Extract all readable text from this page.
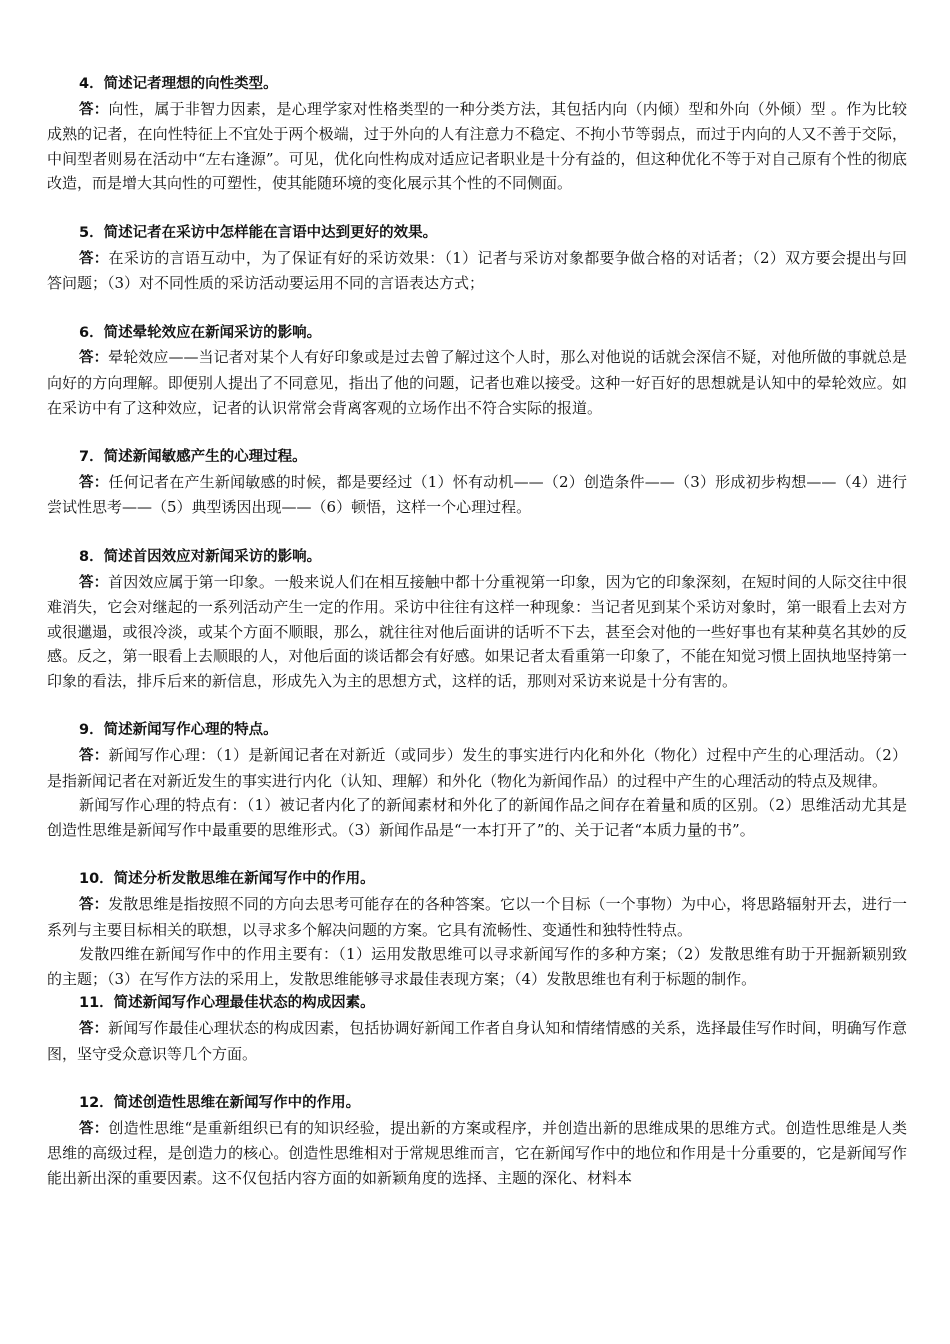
4．简述记者理想的向性类型。

答：向性，属于非智力因素，是心理学家对性格类型的一种分类方法，其包括内向（内倾）型和外向（外倾）型 。作为比较成熟的记者，在向性特征上不宜处于两个极端，过于外向的人有注意力不稳定、不拘小节等弱点，而过于内向的人又不善于交际，中间型者则易在活动中“左右逢源”。可见，优化向性构成对适应记者职业是十分有益的，但这种优化不等于对自己原有个性的彻底改造，而是增大其向性的可塑性，使其能随环境的变化展示其个性的不同侧面。

5．简述记者在采访中怎样能在言语中达到更好的效果。

答：在采访的言语互动中，为了保证有好的采访效果：（1）记者与采访对象都要争做合格的对话者；（2）双方要会提出与回答问题；（3）对不同性质的采访活动要运用不同的言语表达方式；

6．简述晕轮效应在新闻采访的影响。

答：晕轮效应——当记者对某个人有好印象或是过去曾了解过这个人时，那么对他说的话就会深信不疑，对他所做的事就总是向好的方向理解。即便别人提出了不同意见，指出了他的问题，记者也难以接受。这种一好百好的思想就是认知中的晕轮效应。如在采访中有了这种效应，记者的认识常常会背离客观的立场作出不符合实际的报道。

7．简述新闻敏感产生的心理过程。

答：任何记者在产生新闻敏感的时候，都是要经过（1）怀有动机——（2）创造条件——（3）形成初步构想——（4）进行尝试性思考——（5）典型诱因出现——（6）顿悟，这样一个心理过程。

8．简述首因效应对新闻采访的影响。

答：首因效应属于第一印象。一般来说人们在相互接触中都十分重视第一印象，因为它的印象深刻，在短时间的人际交往中很难消失，它会对继起的一系列活动产生一定的作用。采访中往往有这样一种现象：当记者见到某个采访对象时，第一眼看上去对方或很邋遢，或很冷淡，或某个方面不顺眼，那么，就往往对他后面讲的话听不下去，甚至会对他的一些好事也有某种莫名其妙的反感。反之，第一眼看上去顺眼的人，对他后面的谈话都会有好感。如果记者太看重第一印象了，不能在知觉习惯上固执地坚持第一印象的看法，排斥后来的新信息，形成先入为主的思想方式，这样的话，那则对采访来说是十分有害的。

9．简述新闻写作心理的特点。

答：新闻写作心理：（1）是新闻记者在对新近（或同步）发生的事实进行内化和外化（物化）过程中产生的心理活动。（2）是指新闻记者在对新近发生的事实进行内化（认知、理解）和外化（物化为新闻作品）的过程中产生的心理活动的特点及规律。

新闻写作心理的特点有：（1）被记者内化了的新闻素材和外化了的新闻作品之间存在着量和质的区别。（2）思维活动尤其是创造性思维是新闻写作中最重要的思维形式。（3）新闻作品是“一本打开了”的、关于记者“本质力量的书”。

10．简述分析发散思维在新闻写作中的作用。

答：发散思维是指按照不同的方向去思考可能存在的各种答案。它以一个目标（一个事物）为中心，将思路辐射开去，进行一系列与主要目标相关的联想，以寻求多个解决问题的方案。它具有流畅性、变通性和独特性特点。

发散四维在新闻写作中的作用主要有：（1）运用发散思维可以寻求新闻写作的多种方案；（2）发散思维有助于开掘新颖别致的主题；（3）在写作方法的采用上，发散思维能够寻求最佳表现方案；（4）发散思维也有利于标题的制作。

11．简述新闻写作心理最佳状态的构成因素。

答：新闻写作最佳心理状态的构成因素，包括协调好新闻工作者自身认知和情绪情感的关系，选择最佳写作时间，明确写作意图，坚守受众意识等几个方面。

12．简述创造性思维在新闻写作中的作用。

答：创造性思维“是重新组织已有的知识经验，提出新的方案或程序，并创造出新的思维成果的思维方式。创造性思维是人类思维的高级过程，是创造力的核心。创造性思维相对于常规思维而言，它在新闻写作中的地位和作用是十分重要的，它是新闻写作能出新出深的重要因素。这不仅包括内容方面的如新颖角度的选择、主题的深化、材料本
